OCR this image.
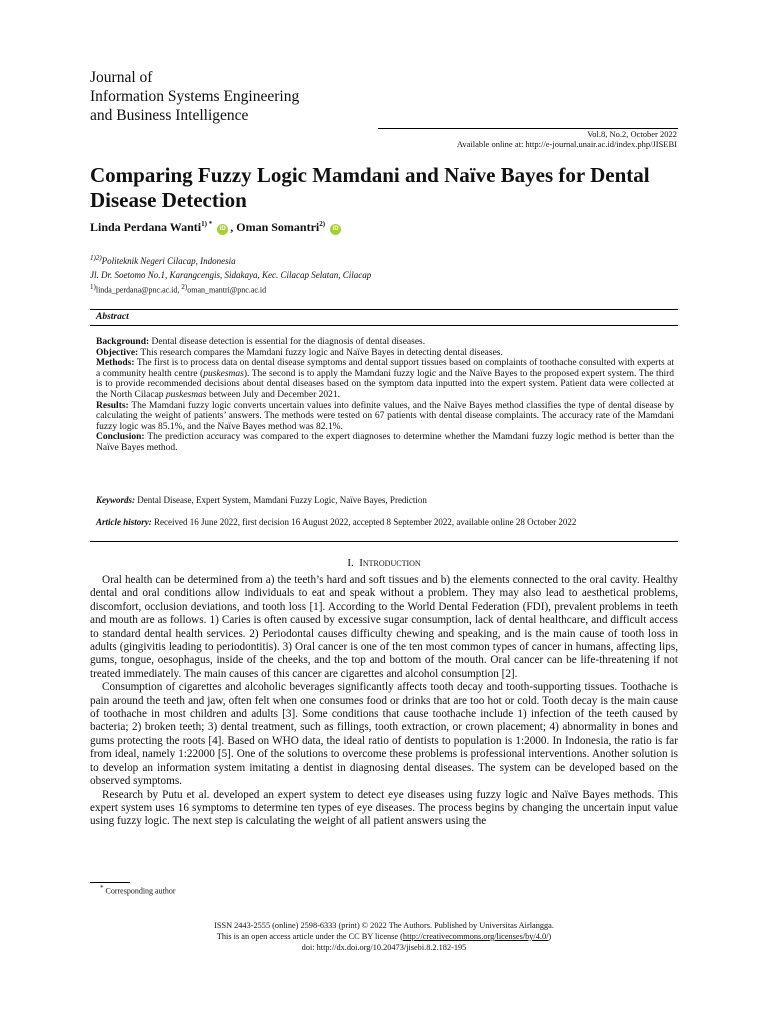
Journal of
Information Systems Engineering
and Business Intelligence
Vol.8, No.2, October 2022
Available online at: http://e-journal.unair.ac.id/index.php/JISEBI
Comparing Fuzzy Logic Mamdani and Naïve Bayes for Dental Disease Detection
Linda Perdana Wanti$^{1) *}$ iD , Oman Somantri$^{2)}$ iD
$^{1)2)}$Politeknik Negeri Cilacap, Indonesia
Jl. Dr. Soetomo No.1, Karangcengis, Sidakaya, Kec. Cilacap Selatan, Cilacap
$^{1)}$linda_perdana@pnc.ac.id, $^{2)}$oman_mantri@pnc.ac.id
Abstract

Background: Dental disease detection is essential for the diagnosis of dental diseases.

Objective: This research compares the Mamdani fuzzy logic and Naïve Bayes in detecting dental diseases.

Methods: The first is to process data on dental disease symptoms and dental support tissues based on complaints of toothache consulted with experts at a community health centre (puskesmas). The second is to apply the Mamdani fuzzy logic and the Naïve Bayes to the proposed expert system. The third is to provide recommended decisions about dental diseases based on the symptom data inputted into the expert system. Patient data were collected at the North Cilacap puskesmas between July and December 2021.

Results: The Mamdani fuzzy logic converts uncertain values into definite values, and the Naïve Bayes method classifies the type of dental disease by calculating the weight of patients’ answers. The methods were tested on 67 patients with dental disease complaints. The accuracy rate of the Mamdani fuzzy logic was 85.1%, and the Naïve Bayes method was 82.1%.

Conclusion: The prediction accuracy was compared to the expert diagnoses to determine whether the Mamdani fuzzy logic method is better than the Naïve Bayes method.

Keywords: Dental Disease, Expert System, Mamdani Fuzzy Logic, Naïve Bayes, Prediction
Article history: Received 16 June 2022, first decision 16 August 2022, accepted 8 September 2022, available online 28 October 2022
I. Introduction

Oral health can be determined from a) the teeth’s hard and soft tissues and b) the elements connected to the oral cavity. Healthy dental and oral conditions allow individuals to eat and speak without a problem. They may also lead to aesthetical problems, discomfort, occlusion deviations, and tooth loss [1]. According to the World Dental Federation (FDI), prevalent problems in teeth and mouth are as follows. 1) Caries is often caused by excessive sugar consumption, lack of dental healthcare, and difficult access to standard dental health services. 2) Periodontal causes difficulty chewing and speaking, and is the main cause of tooth loss in adults (gingivitis leading to periodontitis). 3) Oral cancer is one of the ten most common types of cancer in humans, affecting lips, gums, tongue, oesophagus, inside of the cheeks, and the top and bottom of the mouth. Oral cancer can be life-threatening if not treated immediately. The main causes of this cancer are cigarettes and alcohol consumption [2].

Consumption of cigarettes and alcoholic beverages significantly affects tooth decay and tooth-supporting tissues. Toothache is pain around the teeth and jaw, often felt when one consumes food or drinks that are too hot or cold. Tooth decay is the main cause of toothache in most children and adults [3]. Some conditions that cause toothache include 1) infection of the teeth caused by bacteria; 2) broken teeth; 3) dental treatment, such as fillings, tooth extraction, or crown placement; 4) abnormality in bones and gums protecting the roots [4]. Based on WHO data, the ideal ratio of dentists to population is 1:2000. In Indonesia, the ratio is far from ideal, namely 1:22000 [5]. One of the solutions to overcome these problems is professional interventions. Another solution is to develop an information system imitating a dentist in diagnosing dental diseases. The system can be developed based on the observed symptoms.

Research by Putu et al. developed an expert system to detect eye diseases using fuzzy logic and Naïve Bayes methods. This expert system uses 16 symptoms to determine ten types of eye diseases. The process begins by changing the uncertain input value using fuzzy logic. The next step is calculating the weight of all patient answers using the

* Corresponding author
ISSN 2443-2555 (online) 2598-6333 (print) © 2022 The Authors. Published by Universitas Airlangga.
This is an open access article under the CC BY license (http://creativecommons.org/licenses/by/4.0/)
doi: http://dx.doi.org/10.20473/jisebi.8.2.182-195
